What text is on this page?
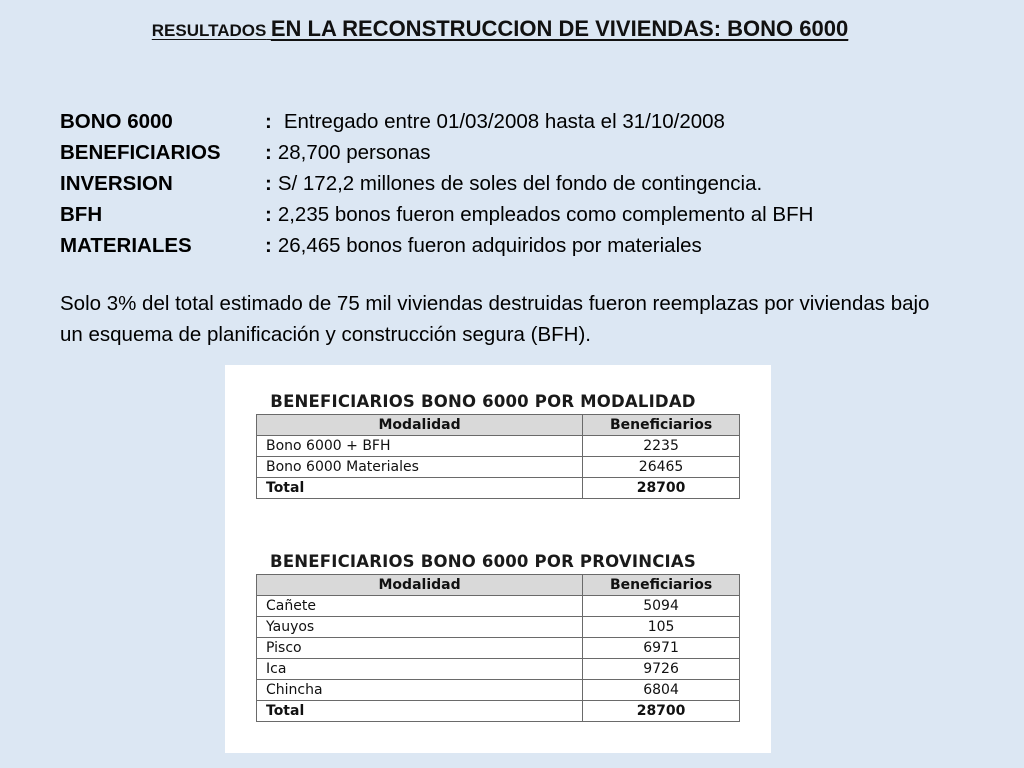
RESULTADOS EN LA RECONSTRUCCION DE VIVIENDAS: BONO 6000
BONO 6000	: Entregado entre 01/03/2008 hasta el 31/10/2008
BENEFICIARIOS	: 28,700 personas
INVERSION	: S/ 172,2 millones de soles del fondo de contingencia.
BFH	: 2,235 bonos fueron empleados como complemento al BFH
MATERIALES	: 26,465 bonos fueron adquiridos por materiales
Solo 3% del total estimado de 75 mil viviendas destruidas fueron reemplazas por viviendas bajo un esquema de planificación y construcción segura (BFH).
BENEFICIARIOS BONO 6000 POR MODALIDAD
Modalidad	Beneficiarios
Bono 6000 + BFH	2235
Bono 6000 Materiales	26465
Total	28700
BENEFICIARIOS BONO 6000 POR PROVINCIAS
Modalidad	Beneficiarios
Cañete	5094
Yauyos	105
Pisco	6971
Ica	9726
Chincha	6804
Total	28700
